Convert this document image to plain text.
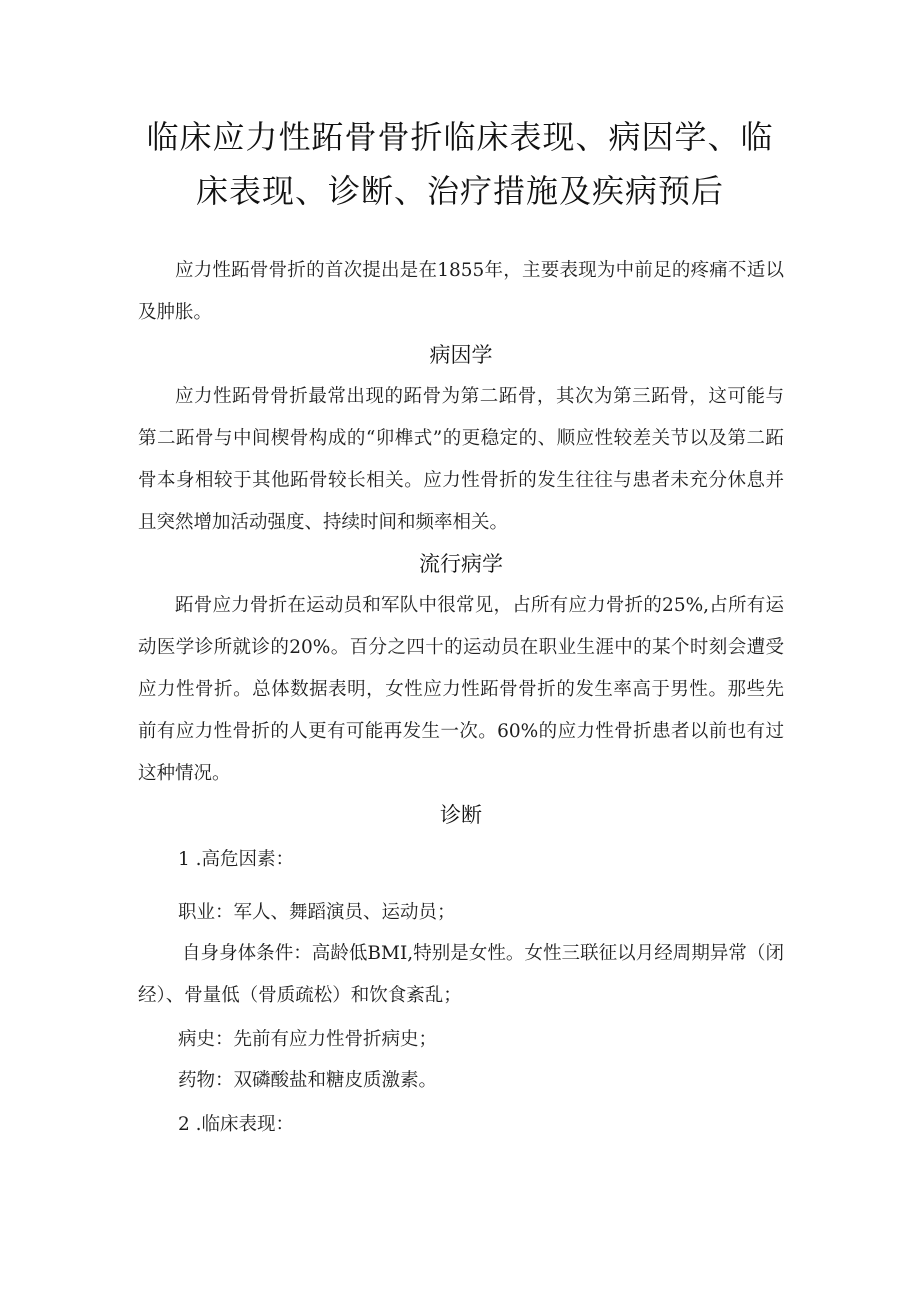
临床应力性跖骨骨折临床表现、病因学、临床表现、诊断、治疗措施及疾病预后

应力性跖骨骨折的首次提出是在1855年，主要表现为中前足的疼痛不适以及肿胀。

病因学

应力性跖骨骨折最常出现的跖骨为第二跖骨，其次为第三跖骨，这可能与第二跖骨与中间楔骨构成的“卯榫式”的更稳定的、顺应性较差关节以及第二跖骨本身相较于其他跖骨较长相关。应力性骨折的发生往往与患者未充分休息并且突然增加活动强度、持续时间和频率相关。

流行病学

跖骨应力骨折在运动员和军队中很常见，占所有应力骨折的25%,占所有运动医学诊所就诊的20%。百分之四十的运动员在职业生涯中的某个时刻会遭受应力性骨折。总体数据表明，女性应力性跖骨骨折的发生率高于男性。那些先前有应力性骨折的人更有可能再发生一次。60%的应力性骨折患者以前也有过这种情况。

诊断

1 .高危因素：

职业：军人、舞蹈演员、运动员；

自身身体条件：高龄低BMI,特别是女性。女性三联征以月经周期异常（闭经）、骨量低（骨质疏松）和饮食紊乱；

病史：先前有应力性骨折病史；

药物：双磷酸盐和糖皮质激素。

2 .临床表现：
